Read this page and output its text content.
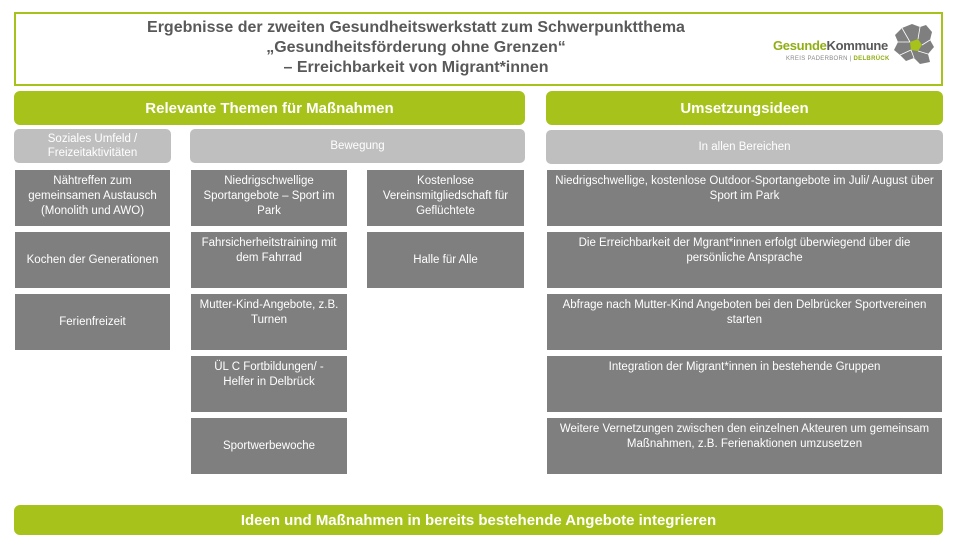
Ergebnisse der zweiten Gesundheitswerkstatt zum Schwerpunktthema
„Gesundheitsförderung ohne Grenzen“
– Erreichbarkeit von Migrant*innen
GesundeKommune
KREIS PADERBORN | DELBRÜCK
Relevante Themen für Maßnahmen	Umsetzungsideen
Soziales Umfeld / Freizeitaktivitäten
Bewegung	In allen Bereichen
Nähtreffen zum gemeinsamen Austausch (Monolith und AWO)
Kochen der Generationen
Ferienfreizeit
Niedrigschwellige Sportangebote – Sport im Park
Fahrsicherheitstraining mit dem Fahrrad
Mutter-Kind-Angebote, z.B. Turnen
ÜL C Fortbildungen/ -Helfer in Delbrück
Sportwerbewoche
Kostenlose Vereinsmitgliedschaft für Geflüchtete
Halle für Alle
Niedrigschwellige, kostenlose Outdoor-Sportangebote im Juli/ August über Sport im Park
Die Erreichbarkeit der Mgrant*innen erfolgt überwiegend über die persönliche Ansprache
Abfrage nach Mutter-Kind Angeboten bei den Delbrücker Sportvereinen starten
Integration der Migrant*innen in bestehende Gruppen
Weitere Vernetzungen zwischen den einzelnen Akteuren um gemeinsam Maßnahmen, z.B. Ferienaktionen umzusetzen
Ideen und Maßnahmen in bereits bestehende Angebote integrieren
